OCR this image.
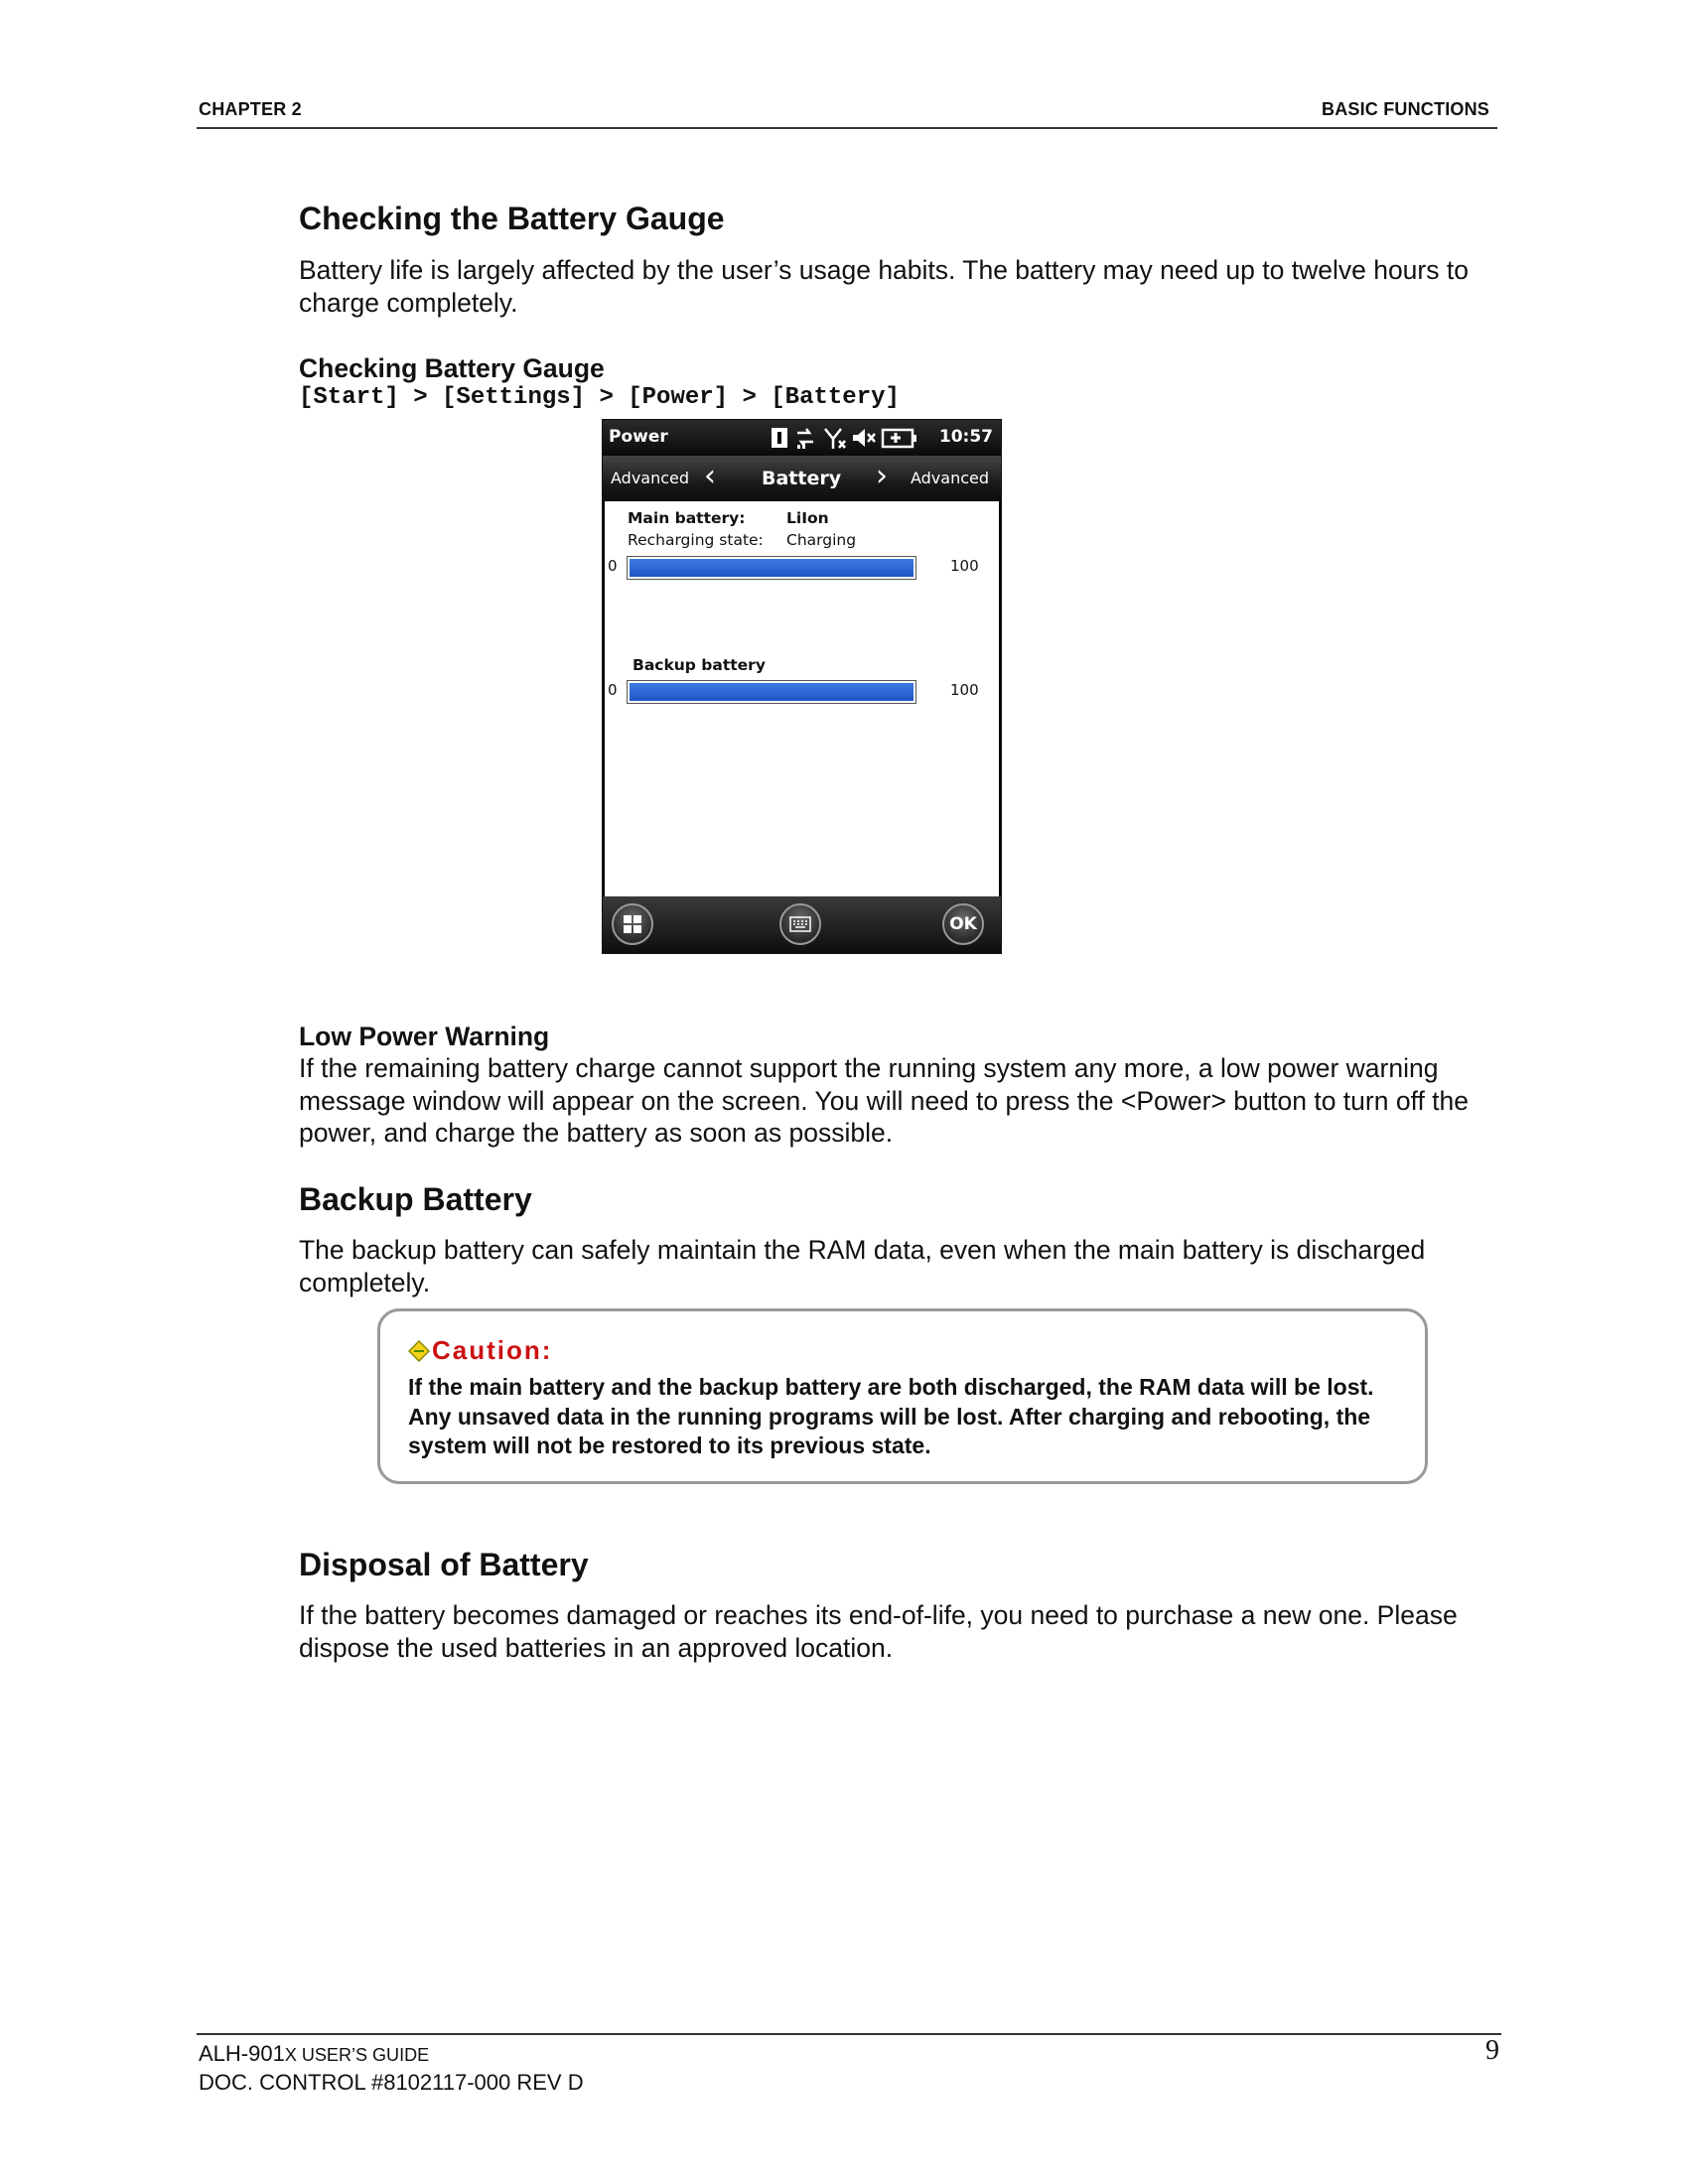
CHAPTER 2	BASIC FUNCTIONS
Checking the Battery Gauge
Battery life is largely affected by the user’s usage habits. The battery may need up to twelve hours to charge completely.
Checking Battery Gauge
[Start] > [Settings] > [Power] > [Battery]
Power	10:57
Advanced ‹ Battery › Advanced
Main battery:	LiIon
Recharging state: Charging
0	100
Backup battery
0	100
OK
Low Power Warning
If the remaining battery charge cannot support the running system any more, a low power warning message window will appear on the screen. You will need to press the <Power> button to turn off the power, and charge the battery as soon as possible.
Backup Battery
The backup battery can safely maintain the RAM data, even when the main battery is discharged completely.
Caution:
If the main battery and the backup battery are both discharged, the RAM data will be lost. Any unsaved data in the running programs will be lost. After charging and rebooting, the system will not be restored to its previous state.
Disposal of Battery
If the battery becomes damaged or reaches its end-of-life, you need to purchase a new one. Please dispose the used batteries in an approved location.
ALH-901X USER’S GUIDE
DOC. CONTROL #8102117-000 REV D
9
